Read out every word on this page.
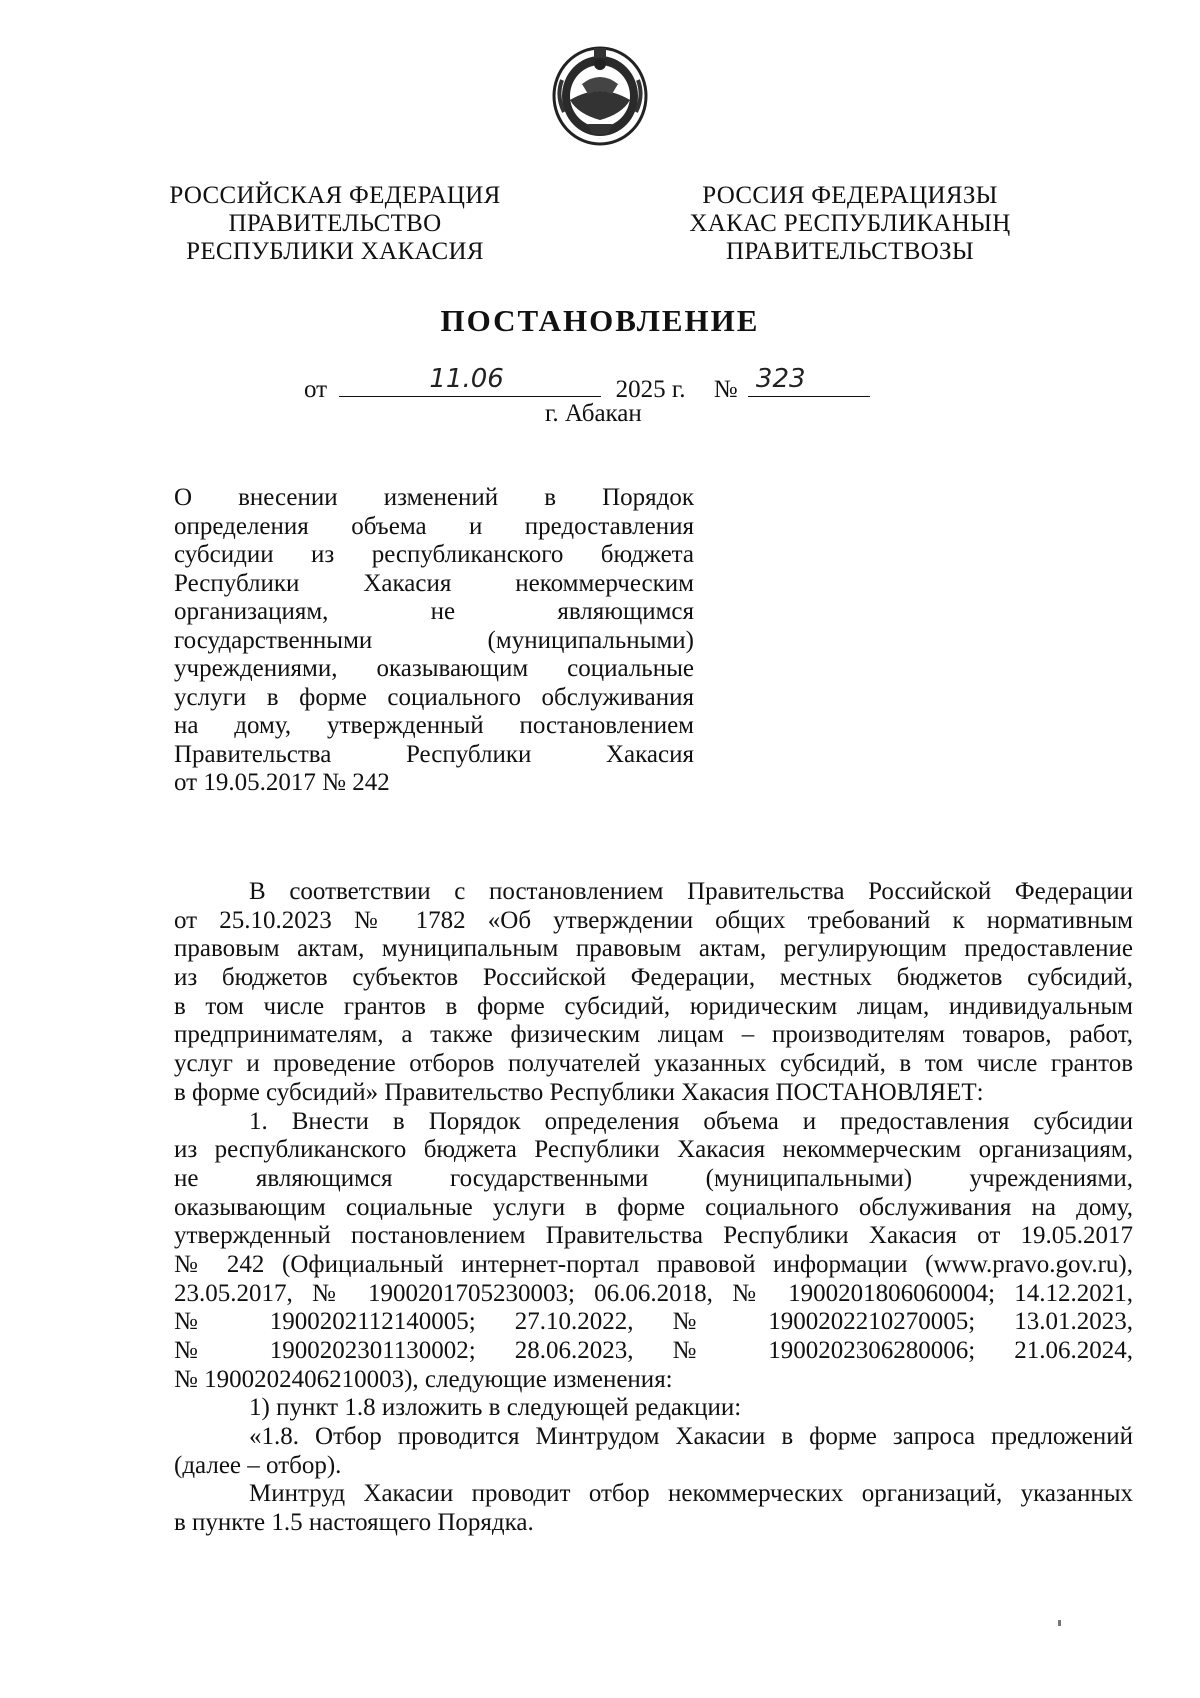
РОССИЙСКАЯ ФЕДЕРАЦИЯ
ПРАВИТЕЛЬСТВО
РЕСПУБЛИКИ ХАКАСИЯ
РОССИЯ ФЕДЕРАЦИЯЗЫ
ХАКАС РЕСПУБЛИКАНЫҢ
ПРАВИТЕЛЬСТВОЗЫ
ПОСТАНОВЛЕНИЕ
от	11.06	2025 г. № 323
г. Абакан
О внесении изменений в Порядок
определения объема и предоставления
субсидии из республиканского бюджета
Республики Хакасия некоммерческим
организациям, не являющимся
государственными (муниципальными)
учреждениями, оказывающим социальные
услуги в форме социального обслуживания
на дому, утвержденный постановлением
Правительства Республики Хакасия
от 19.05.2017 № 242
В соответствии с постановлением Правительства Российской Федерации
от 25.10.2023 № 1782 «Об утверждении общих требований к нормативным
правовым актам, муниципальным правовым актам, регулирующим предоставление
из бюджетов субъектов Российской Федерации, местных бюджетов субсидий,
в том числе грантов в форме субсидий, юридическим лицам, индивидуальным
предпринимателям, а также физическим лицам – производителям товаров, работ,
услуг и проведение отборов получателей указанных субсидий, в том числе грантов
в форме субсидий» Правительство Республики Хакасия ПОСТАНОВЛЯЕТ:
1. Внести в Порядок определения объема и предоставления субсидии
из республиканского бюджета Республики Хакасия некоммерческим организациям,
не являющимся государственными (муниципальными) учреждениями,
оказывающим социальные услуги в форме социального обслуживания на дому,
утвержденный постановлением Правительства Республики Хакасия от 19.05.2017
№ 242 (Официальный интернет-портал правовой информации (www.pravo.gov.ru),
23.05.2017, № 1900201705230003; 06.06.2018, № 1900201806060004; 14.12.2021,
№ 1900202112140005; 27.10.2022, № 1900202210270005; 13.01.2023,
№ 1900202301130002; 28.06.2023, № 1900202306280006; 21.06.2024,
№ 1900202406210003), следующие изменения:
1) пункт 1.8 изложить в следующей редакции:
«1.8. Отбор проводится Минтрудом Хакасии в форме запроса предложений
(далее – отбор).
Минтруд Хакасии проводит отбор некоммерческих организаций, указанных
в пункте 1.5 настоящего Порядка.
